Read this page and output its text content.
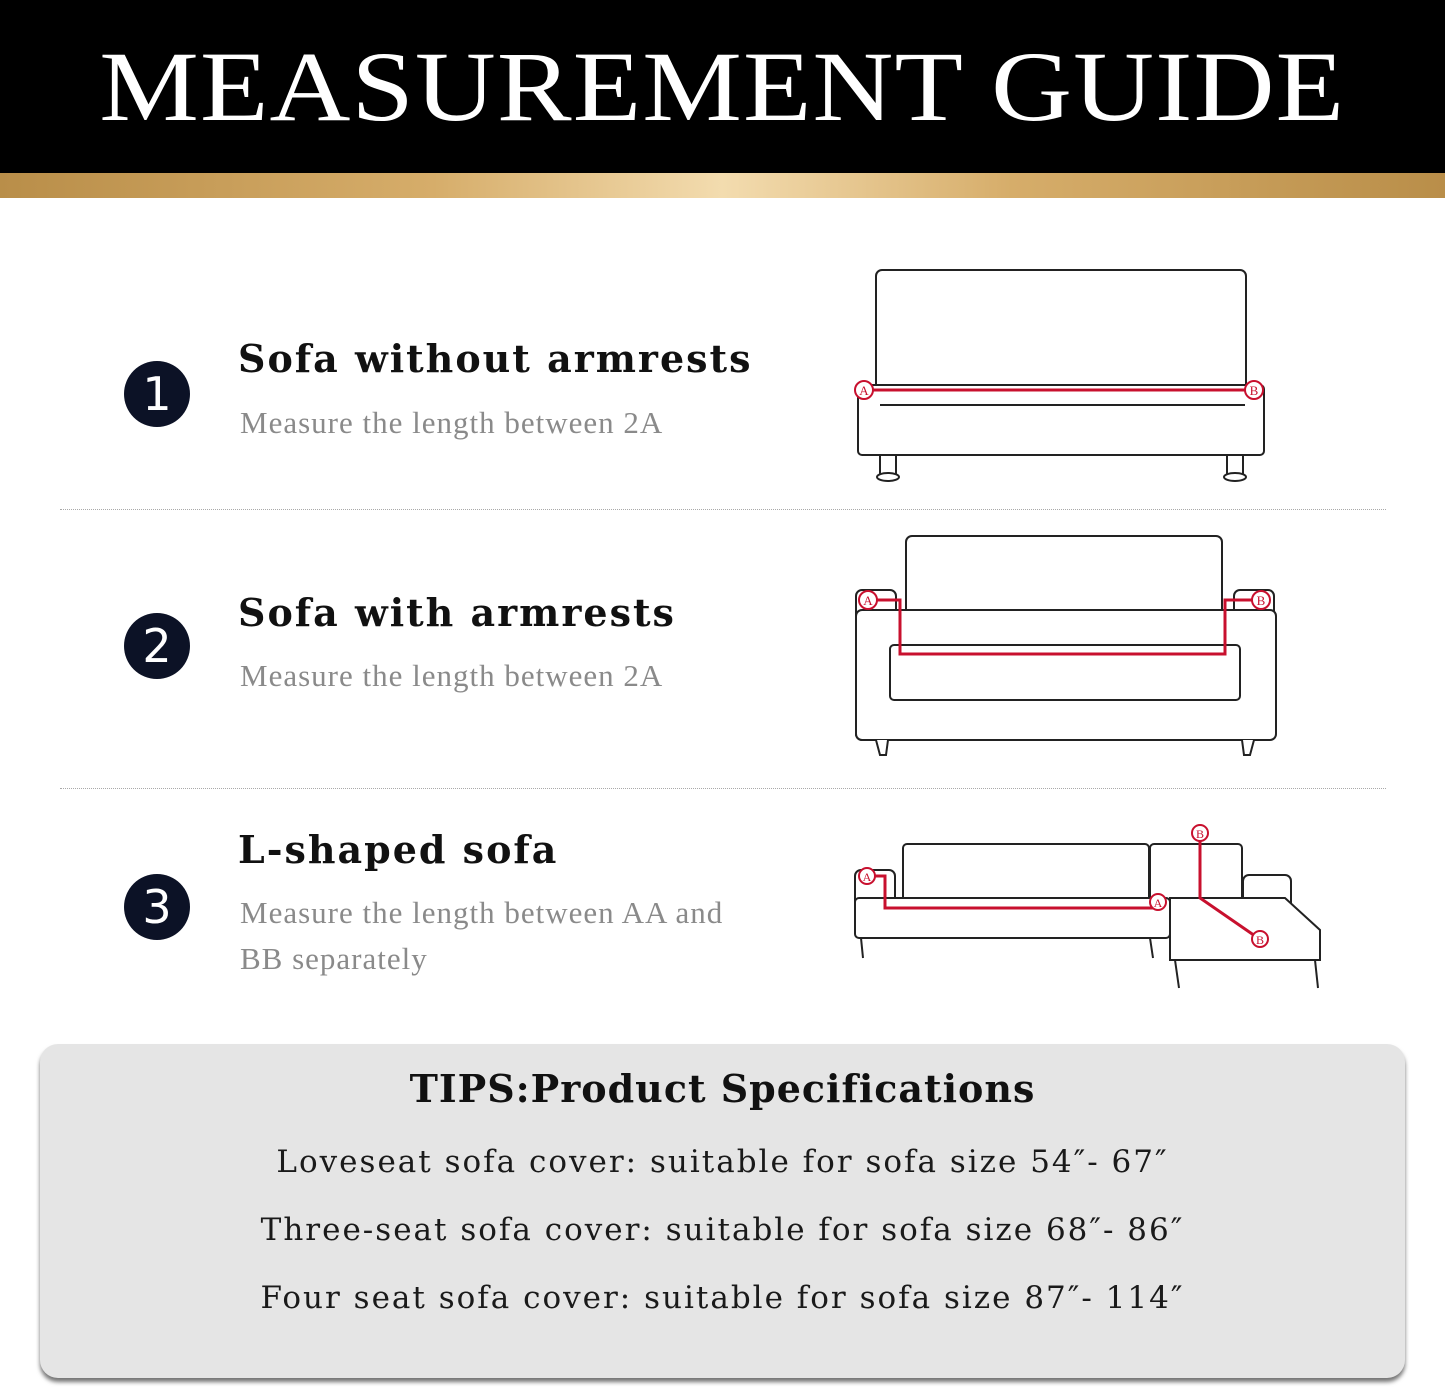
MEASUREMENT GUIDE
1
Sofa without armrests

Measure the length between 2A

A	B
2
Sofa with armrests

Measure the length between 2A

A	B
3
L-shaped sofa

Measure the length between AA and BB separately

A
A
B
B
TIPS:Product Specifications
Loveseat sofa cover: suitable for sofa size 54″- 67″
Three-seat sofa cover: suitable for sofa size 68″- 86″
Four seat sofa cover: suitable for sofa size 87″- 114″
